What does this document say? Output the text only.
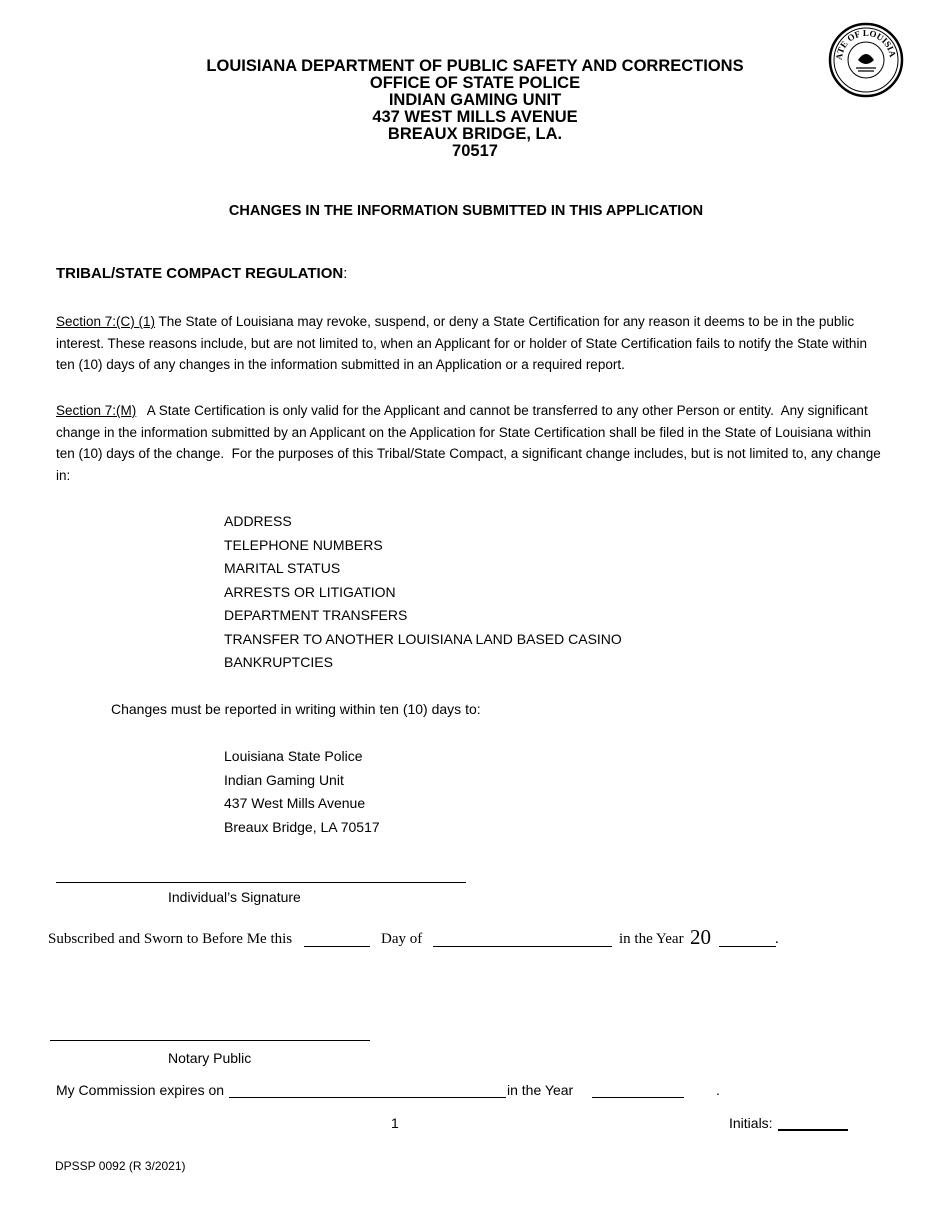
LOUISIANA DEPARTMENT OF PUBLIC SAFETY AND CORRECTIONS
OFFICE OF STATE POLICE
INDIAN GAMING UNIT
437 WEST MILLS AVENUE
BREAUX BRIDGE, LA.
70517
ATE OF LOUISIA
CHANGES IN THE INFORMATION SUBMITTED IN THIS APPLICATION
TRIBAL/STATE COMPACT REGULATION:
Section 7:(C) (1) The State of Louisiana may revoke, suspend, or deny a State Certification for any reason it deems to be in the public interest. These reasons include, but are not limited to, when an Applicant for or holder of State Certification fails to notify the State within ten (10) days of any changes in the information submitted in an Application or a required report.
Section 7:(M)   A State Certification is only valid for the Applicant and cannot be transferred to any other Person or entity.  Any significant change in the information submitted by an Applicant on the Application for State Certification shall be filed in the State of Louisiana within ten (10) days of the change.  For the purposes of this Tribal/State Compact, a significant change includes, but is not limited to, any change in:
ADDRESS
TELEPHONE NUMBERS
MARITAL STATUS
ARRESTS OR LITIGATION
DEPARTMENT TRANSFERS
TRANSFER TO ANOTHER LOUISIANA LAND BASED CASINO
BANKRUPTCIES
Changes must be reported in writing within ten (10) days to:
Louisiana State Police
Indian Gaming Unit
437 West Mills Avenue
Breaux Bridge, LA 70517
Individual’s Signature
Subscribed and Sworn to Before Me this	Day of	in the Year 20	.
Notary Public
My Commission expires on	in the Year	.
1	Initials:
DPSSP 0092 (R 3/2021)
